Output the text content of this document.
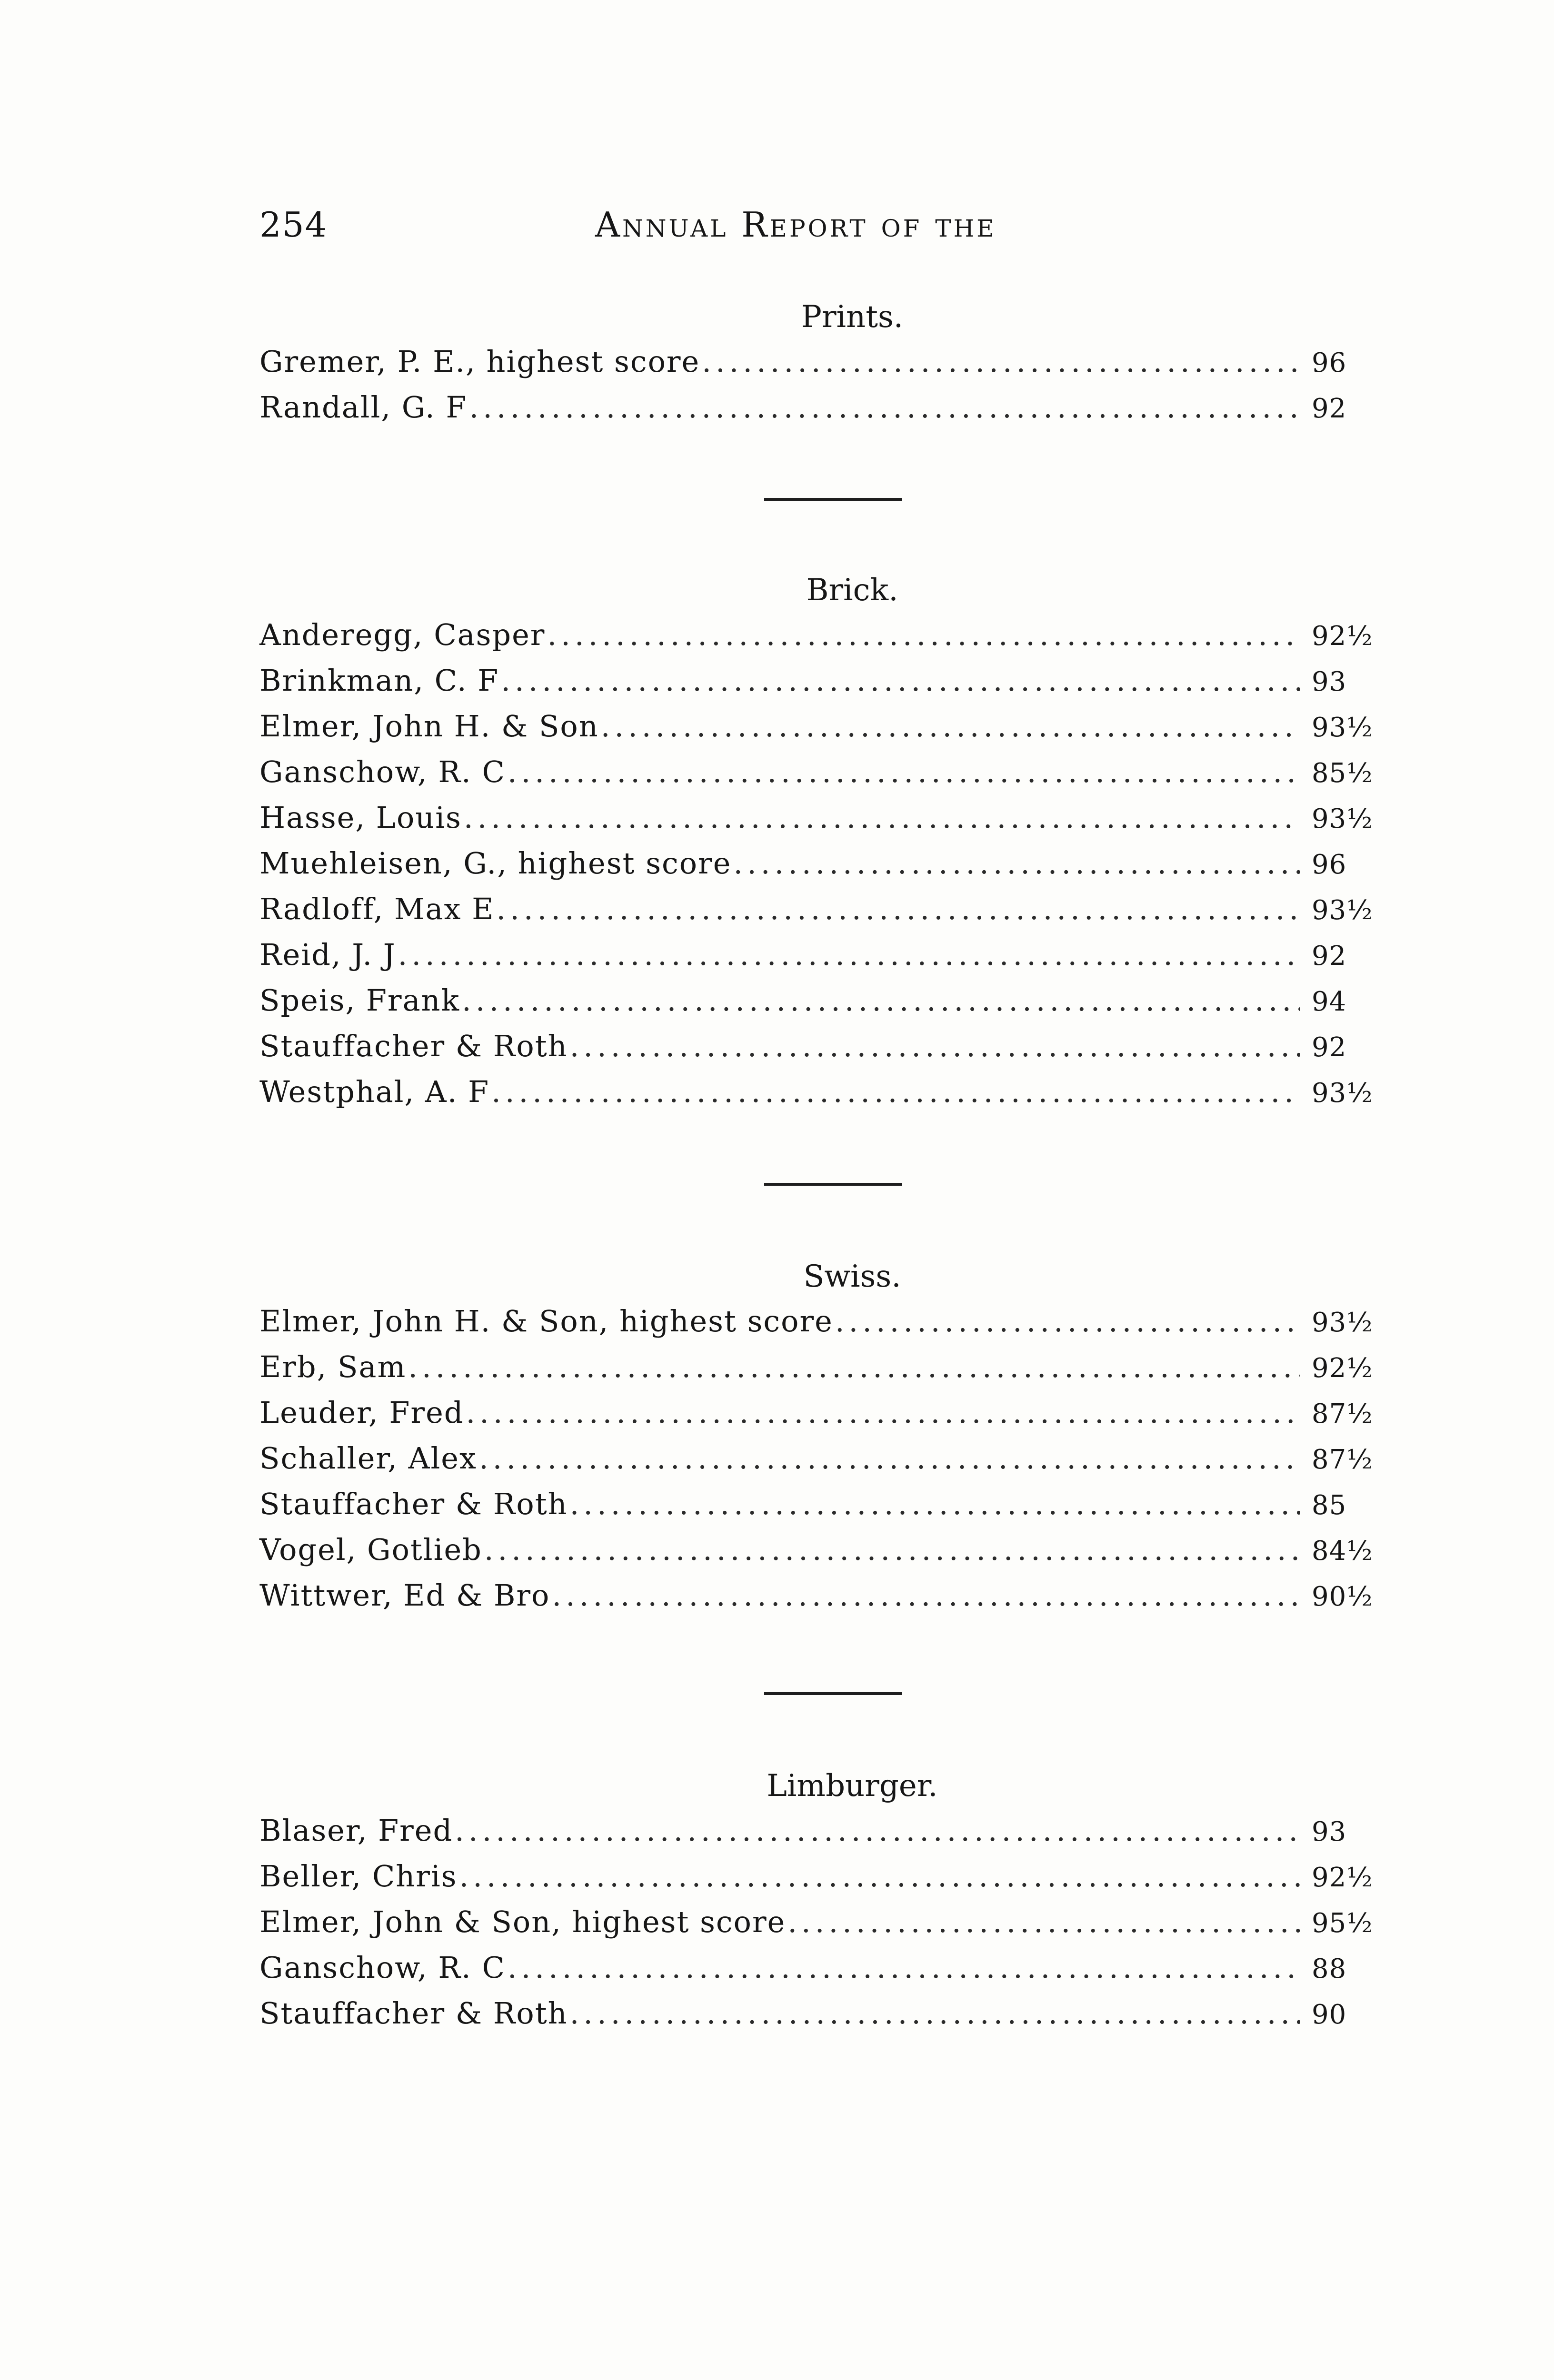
254	Annual Report of the
Prints.
Gremer, P. E., highest score .....	96
Randall, G. F .....	92
Brick.
Anderegg, Casper .....	92½
Brinkman, C. F .....	93
Elmer, John H. & Son .....	93½
Ganschow, R. C .....	85½
Hasse, Louis .....	93½
Muehleisen, G., highest score .....	96
Radloff, Max E .....	93½
Reid, J. J .....	92
Speis, Frank .....	94
Stauffacher & Roth .....	92
Westphal, A. F .....	93½
Swiss.
Elmer, John H. & Son, highest score .....	93½
Erb, Sam .....	92½
Leuder, Fred .....	87½
Schaller, Alex .....	87½
Stauffacher & Roth .....	85
Vogel, Gotlieb .....	84½
Wittwer, Ed & Bro .....	90½
Limburger.
Blaser, Fred .....	93
Beller, Chris .....	92½
Elmer, John & Son, highest score .....	95½
Ganschow, R. C .....	88
Stauffacher & Roth .....	90
